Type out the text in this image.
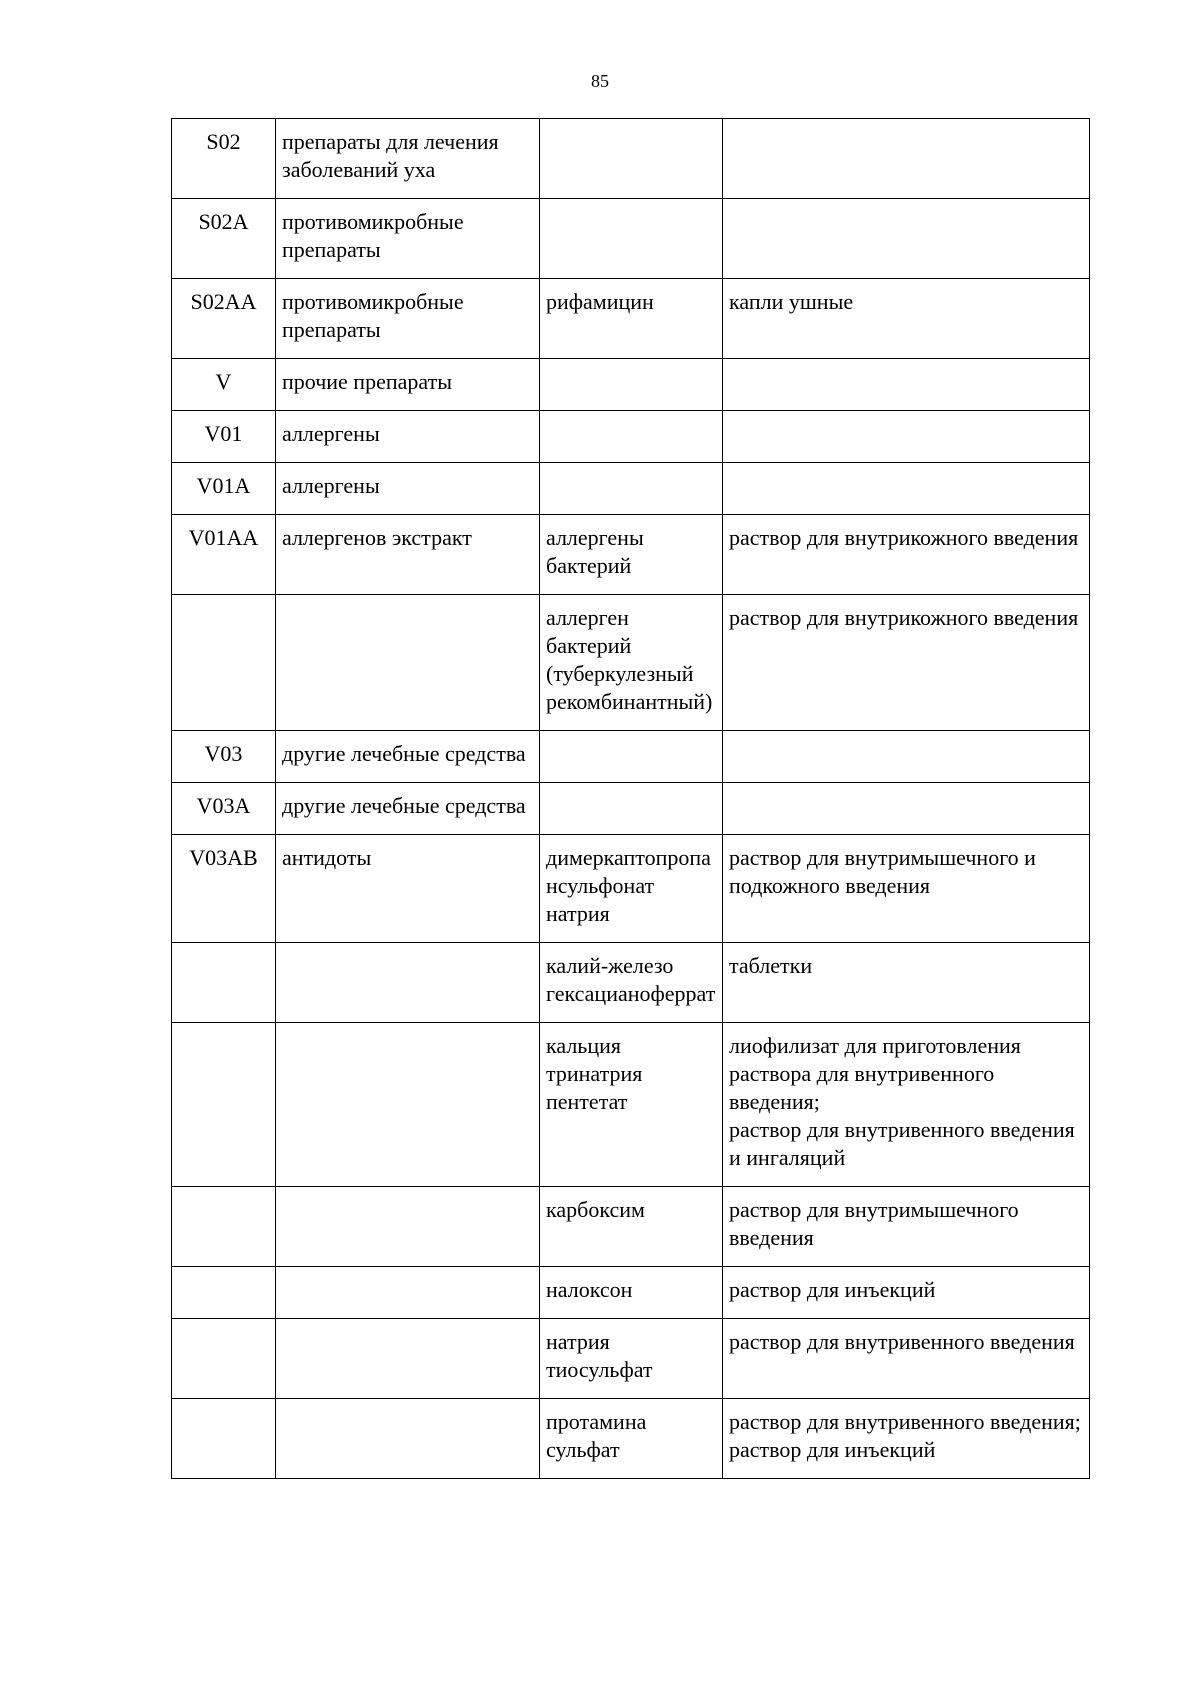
85
S02	препараты для лечения заболеваний уха		
S02A	противомикробные препараты		
S02AA	противомикробные препараты	рифамицин	капли ушные

V	прочие препараты		
V01	аллергены		
V01A	аллергены		
V01AA	аллергенов экстракт	аллергены бактерий	раствор для внутрикожного введения

		аллерген бактерий (туберкулезный рекомбинантный)	раствор для внутрикожного введения

V03	другие лечебные средства		
V03A	другие лечебные средства		
V03AB	антидоты	димеркаптопропансульфонат натрия	раствор для внутримышечного и подкожного введения

		калий-железо гексацианоферрат	таблетки

		кальция тринатрия пентетат	лиофилизат для приготовления раствора для внутривенного введения;
раствор для внутривенного введения и ингаляций

		карбоксим	раствор для внутримышечного введения

		налоксон	раствор для инъекций

		натрия тиосульфат	раствор для внутривенного введения

		протамина сульфат	раствор для внутривенного введения;
раствор для инъекций
